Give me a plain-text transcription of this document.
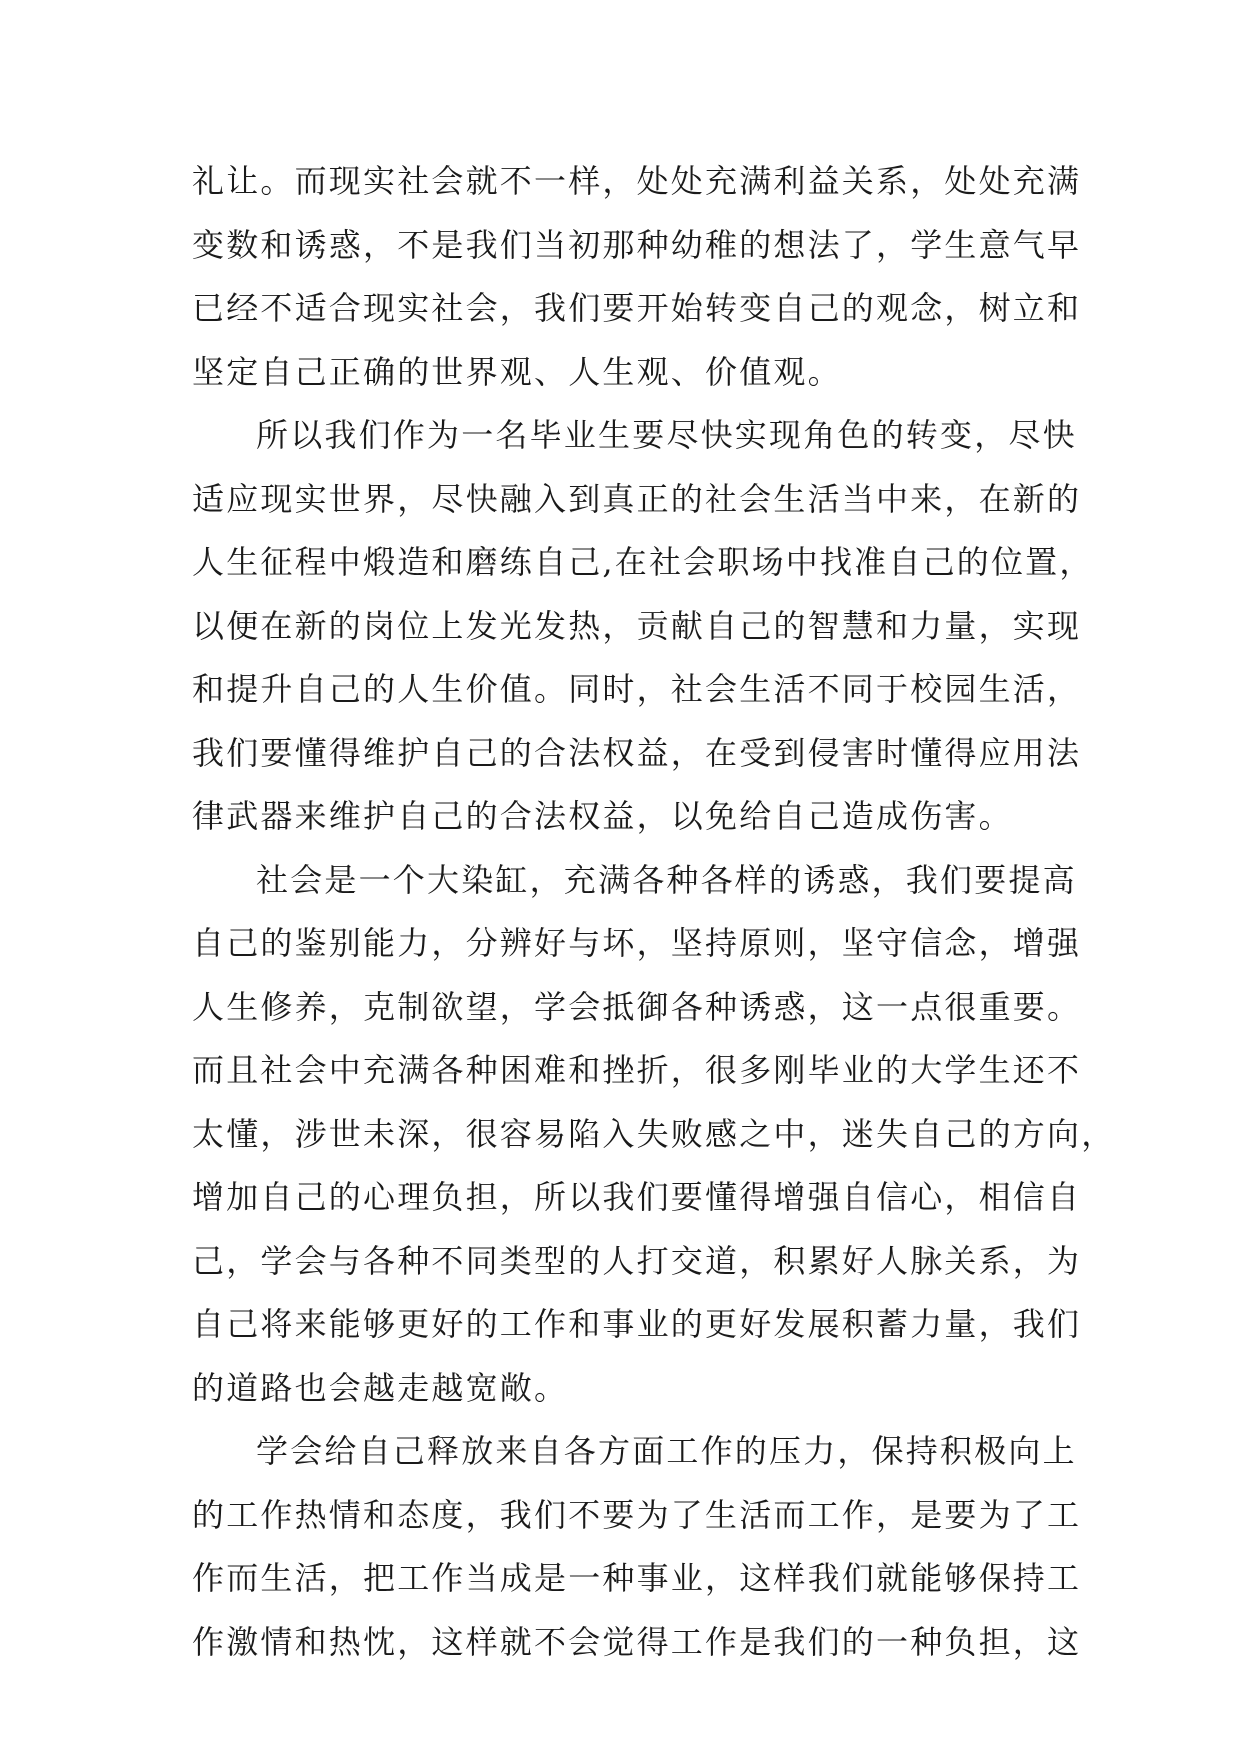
礼让。而现实社会就不一样，处处充满利益关系，处处充满
变数和诱惑，不是我们当初那种幼稚的想法了，学生意气早
已经不适合现实社会，我们要开始转变自己的观念，树立和
坚定自己正确的世界观、人生观、价值观。
所以我们作为一名毕业生要尽快实现角色的转变，尽快
适应现实世界，尽快融入到真正的社会生活当中来，在新的
人生征程中煅造和磨练自己,在社会职场中找准自己的位置，
以便在新的岗位上发光发热，贡献自己的智慧和力量，实现
和提升自己的人生价值。同时，社会生活不同于校园生活，
我们要懂得维护自己的合法权益，在受到侵害时懂得应用法
律武器来维护自己的合法权益，以免给自己造成伤害。
社会是一个大染缸，充满各种各样的诱惑，我们要提高
自己的鉴别能力，分辨好与坏，坚持原则，坚守信念，增强
人生修养，克制欲望，学会抵御各种诱惑，这一点很重要。
而且社会中充满各种困难和挫折，很多刚毕业的大学生还不
太懂，涉世未深，很容易陷入失败感之中，迷失自己的方向，
增加自己的心理负担，所以我们要懂得增强自信心，相信自
己，学会与各种不同类型的人打交道，积累好人脉关系，为
自己将来能够更好的工作和事业的更好发展积蓄力量，我们
的道路也会越走越宽敞。
学会给自己释放来自各方面工作的压力，保持积极向上
的工作热情和态度，我们不要为了生活而工作，是要为了工
作而生活，把工作当成是一种事业，这样我们就能够保持工
作激情和热忱，这样就不会觉得工作是我们的一种负担，这
